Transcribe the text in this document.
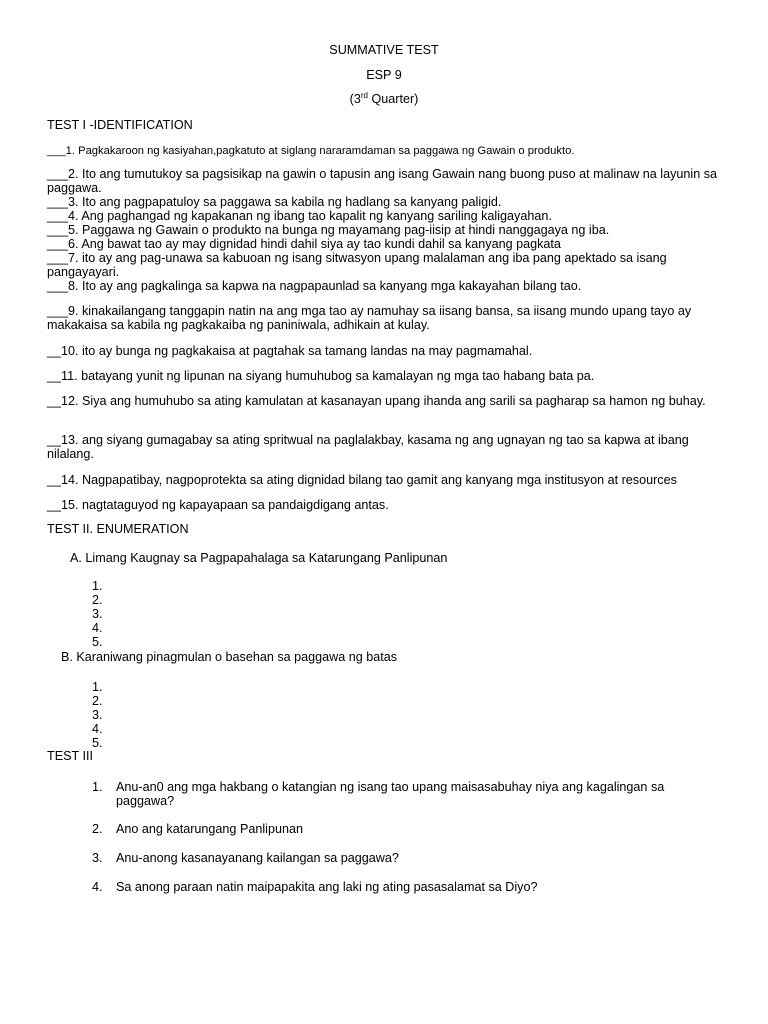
SUMMATIVE TEST
ESP 9
(3rd Quarter)
TEST I -IDENTIFICATION
___1. Pagkakaroon ng kasiyahan,pagkatuto at siglang nararamdaman sa paggawa ng Gawain o produkto.
___2. Ito ang tumutukoy sa pagsisikap na gawin o tapusin ang isang Gawain nang buong puso at malinaw na layunin sa paggawa.
___3. Ito ang pagpapatuloy sa paggawa sa kabila ng hadlang sa kanyang paligid.
___4. Ang paghangad ng kapakanan ng ibang tao kapalit ng kanyang sariling kaligayahan.
___5. Paggawa ng Gawain o produkto na bunga ng mayamang pag-iisip at hindi nanggagaya ng iba.
___6. Ang bawat tao ay may dignidad hindi dahil siya ay tao kundi dahil sa kanyang pagkata
___7. ito ay ang pag-unawa sa kabuoan ng isang sitwasyon upang malalaman ang iba pang apektado sa isang pangayayari.
___8. Ito ay ang pagkalinga sa kapwa na nagpapaunlad sa kanyang mga kakayahan bilang tao.
___9. kinakailangang tanggapin natin na ang mga tao ay namuhay sa iisang bansa, sa iisang mundo upang tayo ay makakaisa sa kabila ng pagkakaiba ng paniniwala, adhikain at kulay.
__10. ito ay bunga ng pagkakaisa at pagtahak sa tamang landas na may pagmamahal.
__11. batayang yunit ng lipunan na siyang humuhubog sa kamalayan ng mga tao habang bata pa.
__12. Siya ang humuhubo sa ating kamulatan at kasanayan upang ihanda ang sarili sa pagharap sa hamon ng buhay.
__13. ang siyang gumagabay sa ating spritwual na paglalakbay, kasama ng ang ugnayan ng tao sa kapwa at ibang nilalang.
__14. Nagpapatibay, nagpoprotekta sa ating dignidad bilang tao gamit ang kanyang mga institusyon at resources
__15. nagtataguyod ng kapayapaan sa pandaigdigang antas.
TEST II. ENUMERATION
A. Limang Kaugnay sa Pagpapahalaga sa Katarungang Panlipunan
1.
2.
3.
4.
5.
B. Karaniwang pinagmulan o basehan sa paggawa ng batas
1.
2.
3.
4.
5.
TEST III
1. Anu-an0 ang mga hakbang o katangian ng isang tao upang maisasabuhay niya ang kagalingan sa paggawa?
2. Ano ang katarungang Panlipunan
3. Anu-anong kasanayanang kailangan sa paggawa?
4. Sa anong paraan natin maipapakita ang laki ng ating pasasalamat sa Diyo?
